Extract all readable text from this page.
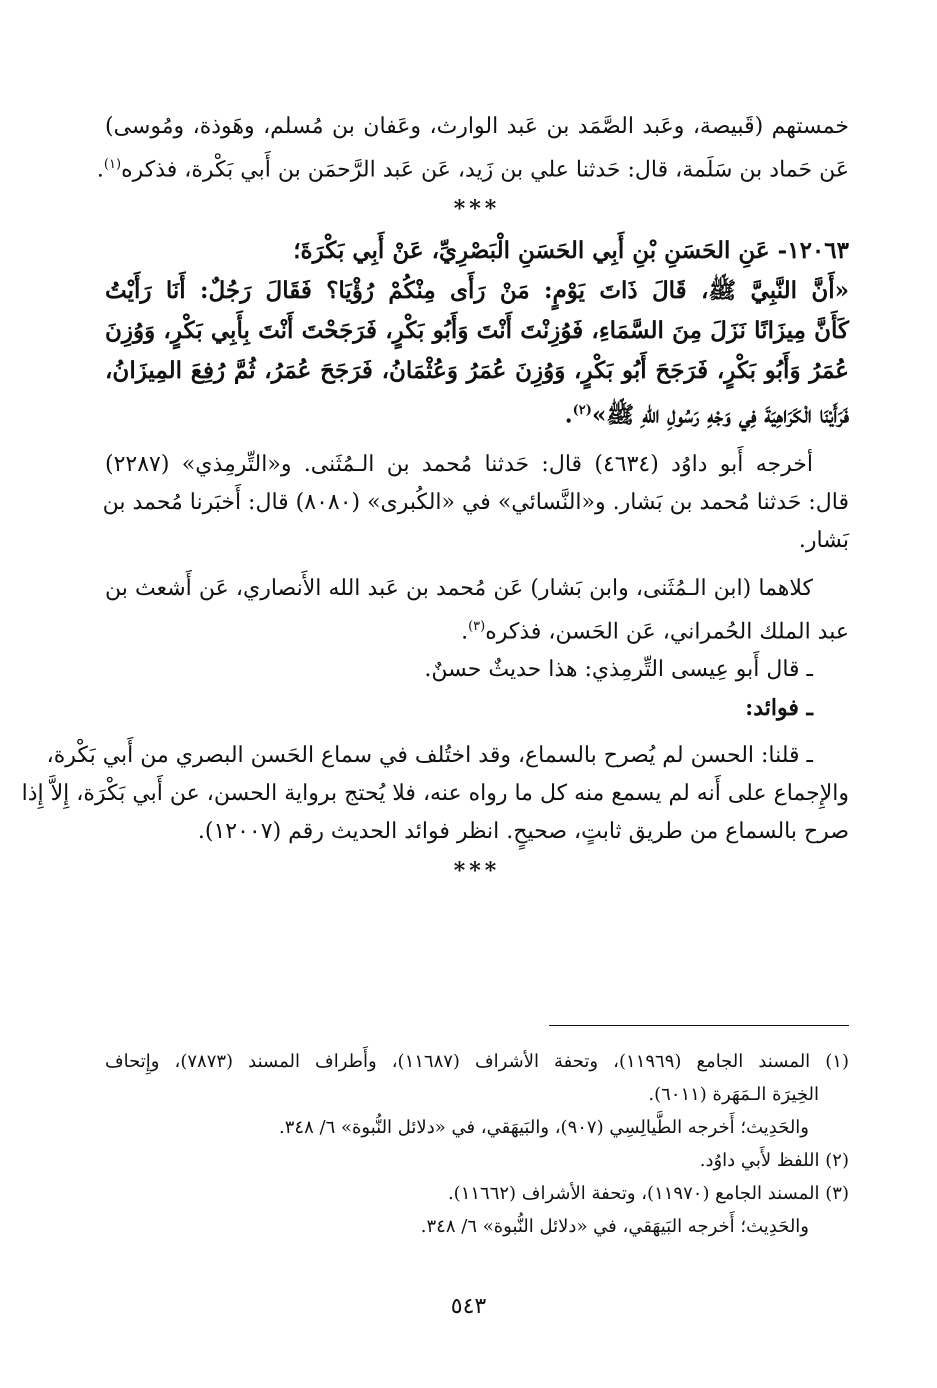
خمستهم (قَبيصة، وعَبد الصَّمَد بن عَبد الوارث، وعَفان بن مُسلم، وهَوذة، ومُوسى)
عَن حَماد بن سَلَمة، قال: حَدثنا علي بن زَيد، عَن عَبد الرَّحمَن بن أَبي بَكْرة، فذكره$^{(١)}$.
***
١٢٠٦٣- عَنِ الحَسَنِ بْنِ أَبِي الحَسَنِ الْبَصْرِيِّ، عَنْ أَبِي بَكْرَةَ؛
«أَنَّ النَّبِيَّ ﷺ، قَالَ ذَاتَ يَوْمٍ: مَنْ رَأَى مِنْكُمْ رُؤْيَا؟ فَقَالَ رَجُلٌ: أَنَا رَأَيْتُ
كَأَنَّ مِيزَانًا نَزَلَ مِنَ السَّمَاءِ، فَوُزِنْتَ أَنْتَ وَأَبُو بَكْرٍ، فَرَجَحْتَ أَنْتَ بِأَبِي بَكْرٍ، وَوُزِنَ
عُمَرُ وَأَبُو بَكْرٍ، فَرَجَحَ أَبُو بَكْرٍ، وَوُزِنَ عُمَرُ وَعُثْمَانُ، فَرَجَحَ عُمَرُ، ثُمَّ رُفِعَ المِيزَانُ،
فَرَأَيْنَا الْكَرَاهِيَةَ فِي وَجْهِ رَسُولِ اللهِ ﷺ»$^{(٢)}$.
أخرجه أَبو داوُد (٤٦٣٤) قال: حَدثنا مُحمد بن الـمُثَنى. و«التِّرمِذي» (٢٢٨٧)
قال: حَدثنا مُحمد بن بَشار. و«النَّسائي» في «الكُبرى» (٨٠٨٠) قال: أَخبَرنا مُحمد بن
بَشار.
كلاهما (ابن الـمُثَنى، وابن بَشار) عَن مُحمد بن عَبد الله الأَنصاري، عَن أَشعث بن
عبد الملك الحُمراني، عَن الحَسن، فذكره$^{(٣)}$.
ـ قال أَبو عِيسى التِّرمِذي: هذا حديثٌ حسنٌ.
ـ فوائد:
ـ قلنا: الحسن لم يُصرح بالسماع، وقد اختُلف في سماع الحَسن البصري من أَبي بَكْرة،
والإِجماع على أَنه لم يسمع منه كل ما رواه عنه، فلا يُحتج برواية الحسن، عن أَبي بَكْرَة، إِلاَّ إِذا
صرح بالسماع من طريق ثابتٍ، صحيحٍ. انظر فوائد الحديث رقم (١٢٠٠٧).
***
(١) المسند الجامع (١١٩٦٩)، وتحفة الأشراف (١١٦٨٧)، وأَطراف المسند (٧٨٧٣)، وإِتحاف
الخِيرَة الـمَهَرة (٦٠١١).
والحَدِيث؛ أَخرجه الطَّيالِسِي (٩٠٧)، والبَيهَقي، في «دلائل النُّبوة» ٦/ ٣٤٨.
(٢) اللفظ لأَبي داوُد.
(٣) المسند الجامع (١١٩٧٠)، وتحفة الأشراف (١١٦٦٢).
والحَدِيث؛ أَخرجه البَيهَقي، في «دلائل النُّبوة» ٦/ ٣٤٨.
٥٤٣
